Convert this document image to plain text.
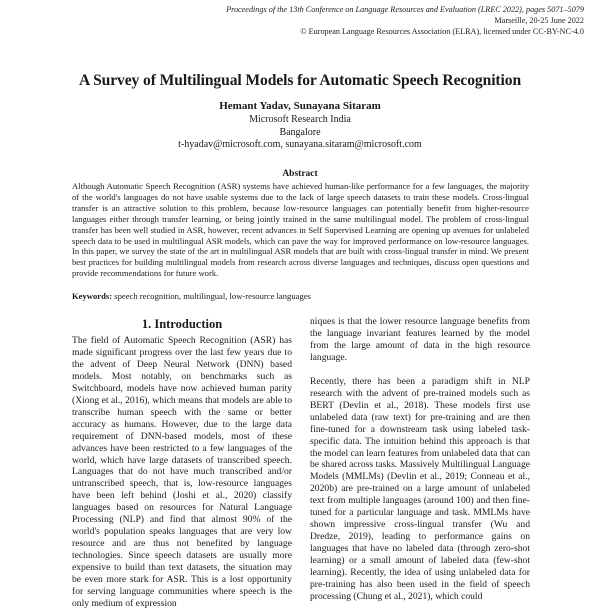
Proceedings of the 13th Conference on Language Resources and Evaluation (LREC 2022), pages 5071–5079
Marseille, 20-25 June 2022
© European Language Resources Association (ELRA), licensed under CC-BY-NC-4.0
A Survey of Multilingual Models for Automatic Speech Recognition
Hemant Yadav, Sunayana Sitaram
Microsoft Research India
Bangalore
t-hyadav@microsoft.com, sunayana.sitaram@microsoft.com
Abstract
Although Automatic Speech Recognition (ASR) systems have achieved human-like performance for a few languages, the majority of the world's languages do not have usable systems due to the lack of large speech datasets to train these models. Cross-lingual transfer is an attractive solution to this problem, because low-resource languages can potentially benefit from higher-resource languages either through transfer learning, or being jointly trained in the same multilingual model. The problem of cross-lingual transfer has been well studied in ASR, however, recent advances in Self Supervised Learning are opening up avenues for unlabeled speech data to be used in multilingual ASR models, which can pave the way for improved performance on low-resource languages. In this paper, we survey the state of the art in multilingual ASR models that are built with cross-lingual transfer in mind. We present best practices for building multilingual models from research across diverse languages and techniques, discuss open questions and provide recommendations for future work.
Keywords: speech recognition, multilingual, low-resource languages
1. Introduction

The field of Automatic Speech Recognition (ASR) has made significant progress over the last few years due to the advent of Deep Neural Network (DNN) based models. Most notably, on benchmarks such as Switchboard, models have now achieved human parity (Xiong et al., 2016), which means that models are able to transcribe human speech with the same or better accuracy as humans. However, due to the large data requirement of DNN-based models, most of these advances have been restricted to a few languages of the world, which have large datasets of transcribed speech. Languages that do not have much transcribed and/or untranscribed speech, that is, low-resource languages have been left behind (Joshi et al., 2020) classify languages based on resources for Natural Language Processing (NLP) and find that almost 90% of the world's population speaks languages that are very low resource and are thus not benefited by language technologies. Since speech datasets are usually more expensive to build than text datasets, the situation may be even more stark for ASR. This is a lost opportunity for serving language communities where speech is the only medium of expression

niques is that the lower resource language benefits from the language invariant features learned by the model from the large amount of data in the high resource language.

Recently, there has been a paradigm shift in NLP research with the advent of pre-trained models such as BERT (Devlin et al., 2018). These models first use unlabeled data (raw text) for pre-training and are then fine-tuned for a downstream task using labeled task-specific data. The intuition behind this approach is that the model can learn features from unlabeled data that can be shared across tasks. Massively Multilingual Language Models (MMLMs) (Devlin et al., 2019; Conneau et al., 2020b) are pre-trained on a large amount of unlabeled text from multiple languages (around 100) and then fine-tuned for a particular language and task. MMLMs have shown impressive cross-lingual transfer (Wu and Dredze, 2019), leading to performance gains on languages that have no labeled data (through zero-shot learning) or a small amount of labeled data (few-shot learning). Recently, the idea of using unlabeled data for pre-training has also been used in the field of speech processing (Chung et al., 2021), which could
